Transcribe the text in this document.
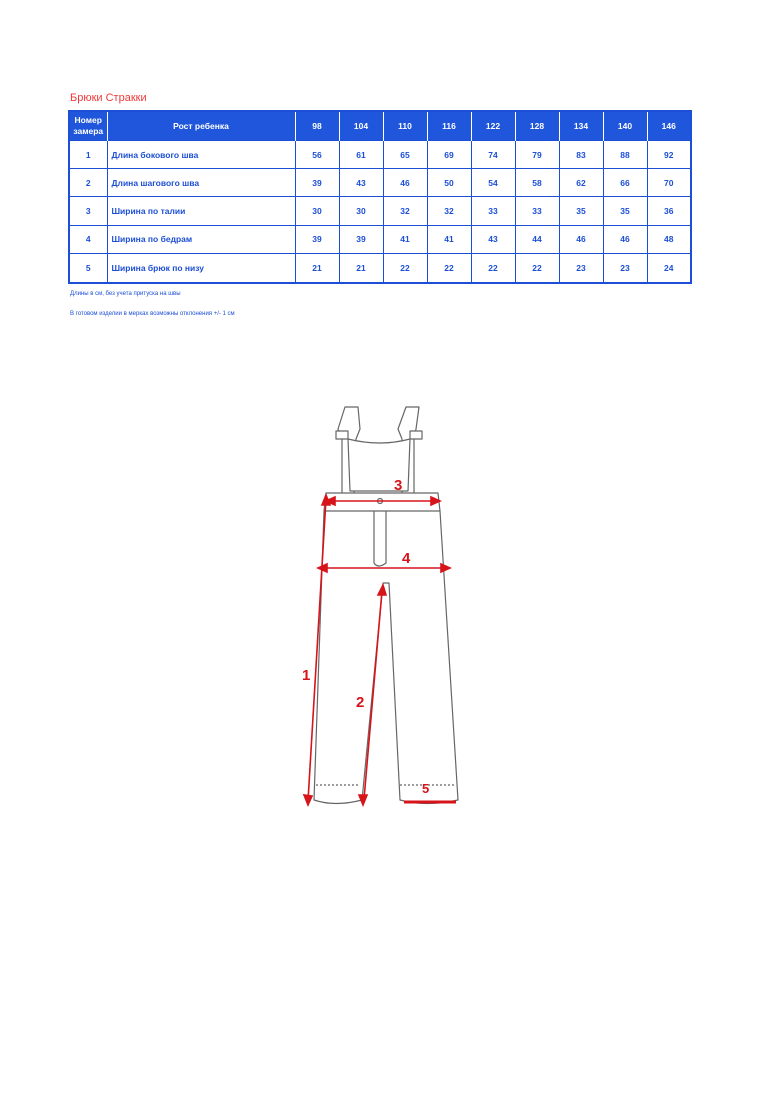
Брюки Стракки
Номер замера	Рост ребенка	98	104	110	116	122	128	134	140	146
1	Длина бокового шва	56	61	65	69	74	79	83	88	92
2	Длина шагового шва	39	43	46	50	54	58	62	66	70
3	Ширина по талии	30	30	32	32	33	33	35	35	36
4	Ширина по бедрам	39	39	41	41	43	44	46	46	48
5	Ширина брюк по низу	21	21	22	22	22	22	23	23	24
Длины в см, без учета притуска на швы
В готовом изделии в мерках возможны отклонения +/- 1 см
1
2
3
4
5
